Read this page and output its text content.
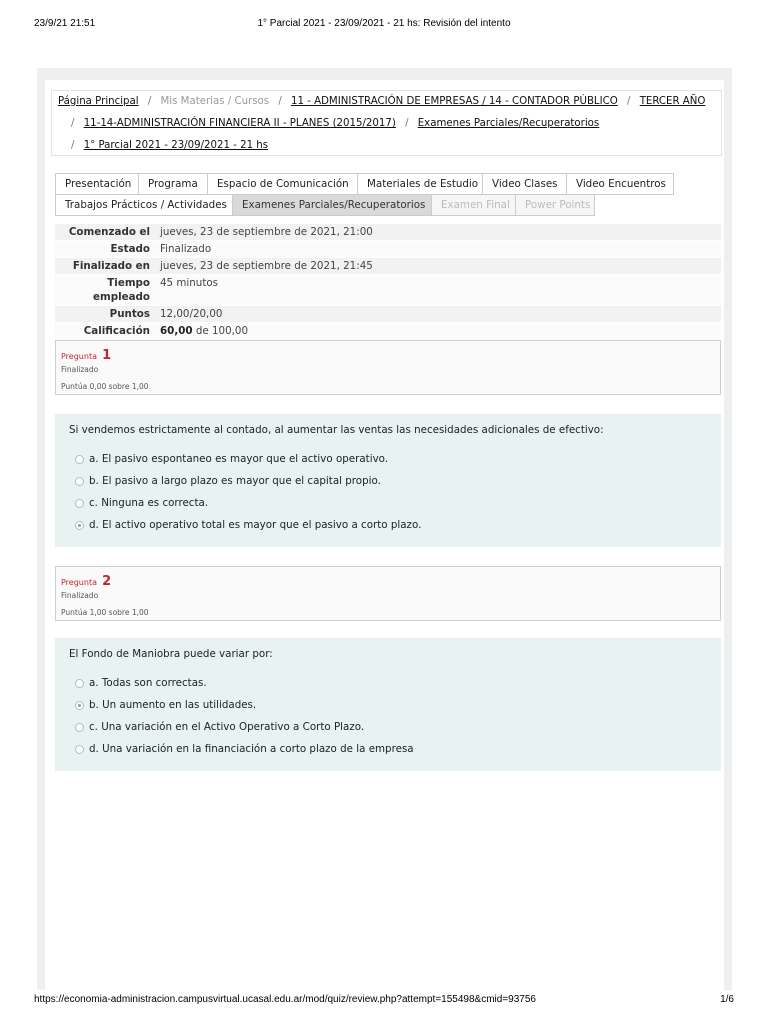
23/9/21 21:51	1° Parcial 2021 - 23/09/2021 - 21 hs: Revisión del intento
Página Principal / Mis Materias / Cursos / 11 - ADMINISTRACIÓN DE EMPRESAS / 14 - CONTADOR PÚBLICO / TERCER AÑO
/ 11-14-ADMINISTRACIÓN FINANCIERA II - PLANES (2015/2017) / Examenes Parciales/Recuperatorios
/ 1° Parcial 2021 - 23/09/2021 - 21 hs
Presentación	Programa	Espacio de Comunicación	Materiales de Estudio	Video Clases	Video Encuentros
Trabajos Prácticos / Actividades	Examenes Parciales/Recuperatorios	Examen Final	Power Points
Comenzado el jueves, 23 de septiembre de 2021, 21:00
Estado Finalizado
Finalizado en jueves, 23 de septiembre de 2021, 21:45
Tiempo
empleado
45 minutos
Puntos 12,00/20,00
Calificación 60,00 de 100,00
Pregunta 1
Finalizado
Puntúa 0,00 sobre 1,00
Si vendemos estrictamente al contado, al aumentar las ventas las necesidades adicionales de efectivo:
a. El pasivo espontaneo es mayor que el activo operativo.
b. El pasivo a largo plazo es mayor que el capital propio.
c. Ninguna es correcta.
d. El activo operativo total es mayor que el pasivo a corto plazo.
Pregunta 2
Finalizado
Puntúa 1,00 sobre 1,00
El Fondo de Maniobra puede variar por:
a. Todas son correctas.
b. Un aumento en las utilidades.
c. Una variación en el Activo Operativo a Corto Plazo.
d. Una variación en la financiación a corto plazo de la empresa
https://economia-administracion.campusvirtual.ucasal.edu.ar/mod/quiz/review.php?attempt=155498&cmid=93756	1/6
